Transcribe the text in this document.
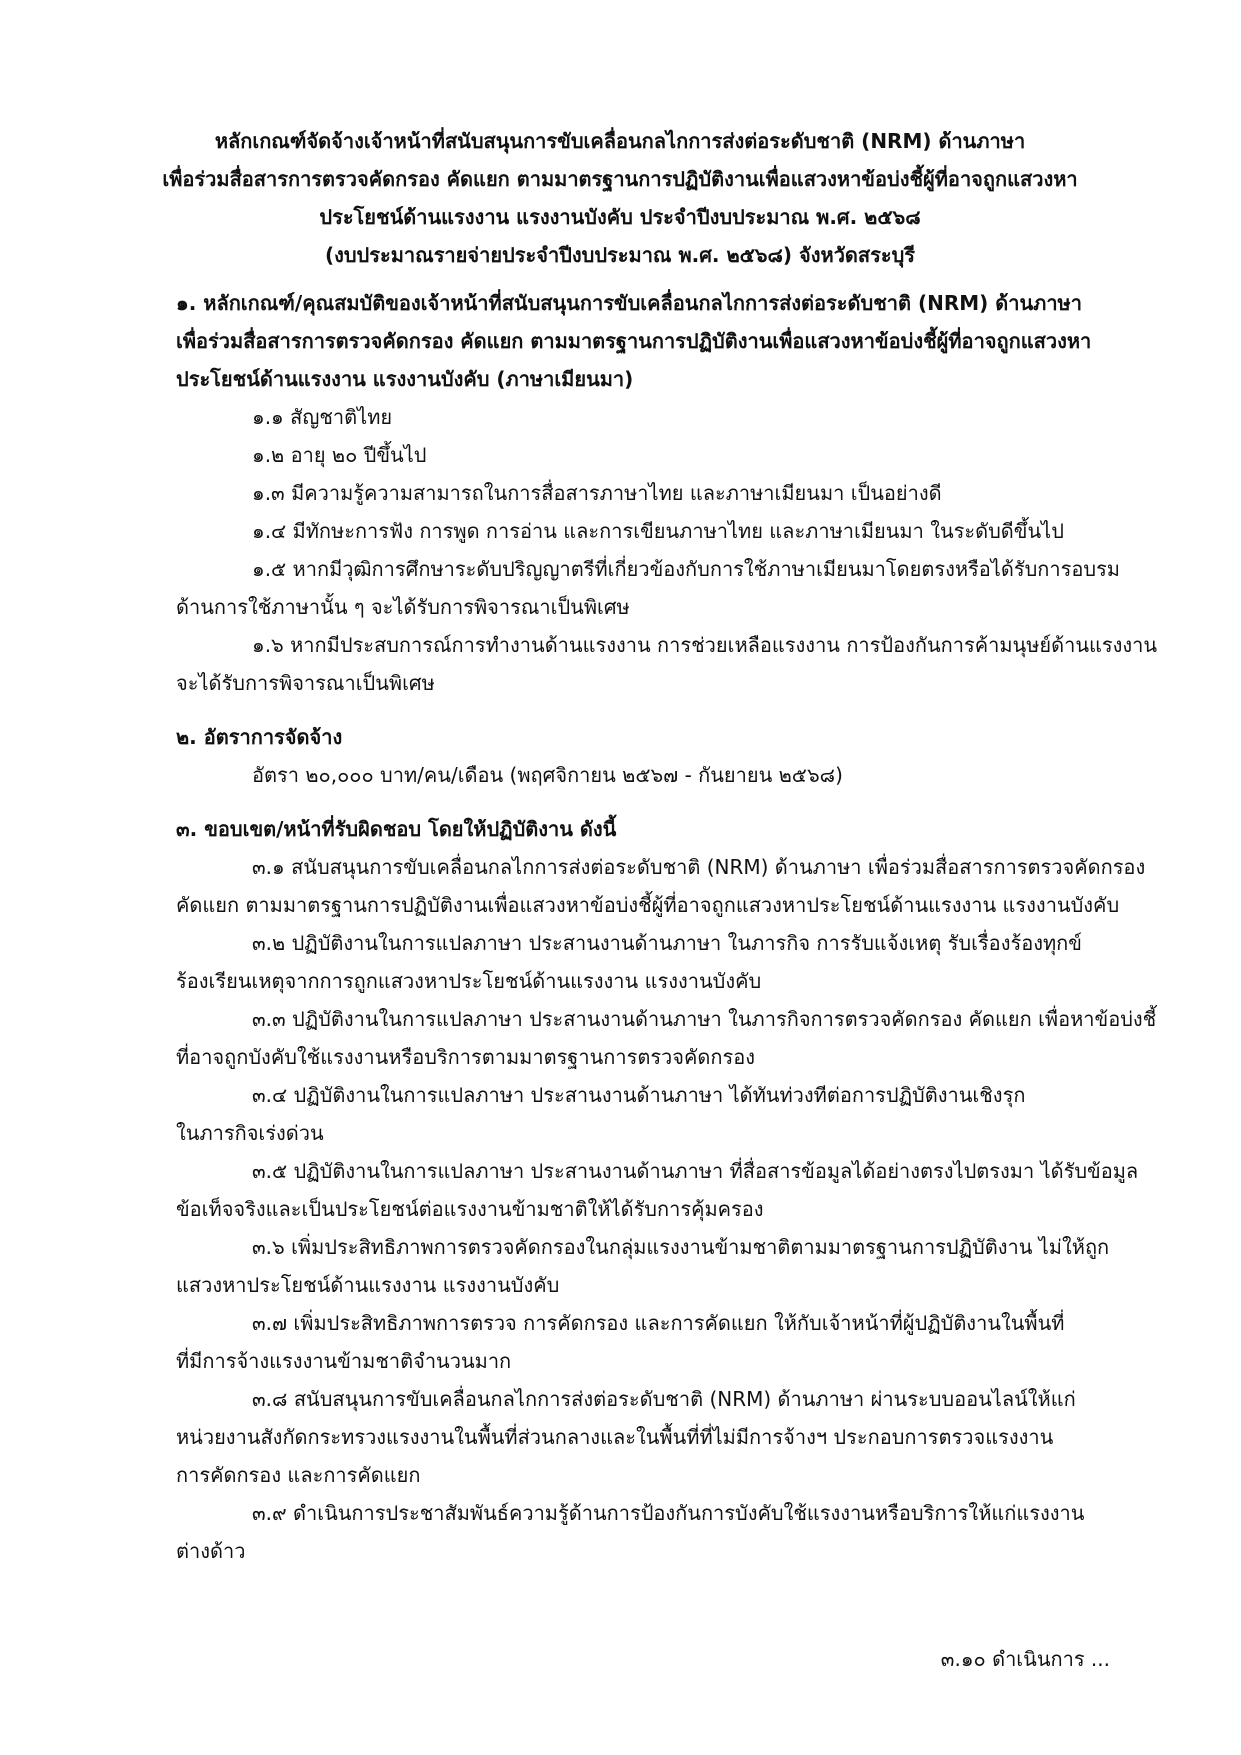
หลักเกณฑ์จัดจ้างเจ้าหน้าที่สนับสนุนการขับเคลื่อนกลไกการส่งต่อระดับชาติ (NRM) ด้านภาษา
เพื่อร่วมสื่อสารการตรวจคัดกรอง คัดแยก ตามมาตรฐานการปฏิบัติงานเพื่อแสวงหาข้อบ่งชี้ผู้ที่อาจถูกแสวงหา
ประโยชน์ด้านแรงงาน แรงงานบังคับ ประจำปีงบประมาณ พ.ศ. ๒๕๖๘
(งบประมาณรายจ่ายประจำปีงบประมาณ พ.ศ. ๒๕๖๘) จังหวัดสระบุรี

๑. หลักเกณฑ์/คุณสมบัติของเจ้าหน้าที่สนับสนุนการขับเคลื่อนกลไกการส่งต่อระดับชาติ (NRM) ด้านภาษา

เพื่อร่วมสื่อสารการตรวจคัดกรอง คัดแยก ตามมาตรฐานการปฏิบัติงานเพื่อแสวงหาข้อบ่งชี้ผู้ที่อาจถูกแสวงหา

ประโยชน์ด้านแรงงาน แรงงานบังคับ (ภาษาเมียนมา)

๑.๑ สัญชาติไทย

๑.๒ อายุ ๒๐ ปีขึ้นไป

๑.๓ มีความรู้ความสามารถในการสื่อสารภาษาไทย และภาษาเมียนมา เป็นอย่างดี

๑.๔ มีทักษะการฟัง การพูด การอ่าน และการเขียนภาษาไทย และภาษาเมียนมา ในระดับดีขึ้นไป

๑.๕ หากมีวุฒิการศึกษาระดับปริญญาตรีที่เกี่ยวข้องกับการใช้ภาษาเมียนมาโดยตรงหรือได้รับการอบรม

ด้านการใช้ภาษานั้น ๆ จะได้รับการพิจารณาเป็นพิเศษ

๑.๖ หากมีประสบการณ์การทำงานด้านแรงงาน การช่วยเหลือแรงงาน การป้องกันการค้ามนุษย์ด้านแรงงาน

จะได้รับการพิจารณาเป็นพิเศษ

๒. อัตราการจัดจ้าง

อัตรา ๒๐,๐๐๐ บาท/คน/เดือน (พฤศจิกายน ๒๕๖๗ - กันยายน ๒๕๖๘)

๓. ขอบเขต/หน้าที่รับผิดชอบ โดยให้ปฏิบัติงาน ดังนี้

๓.๑ สนับสนุนการขับเคลื่อนกลไกการส่งต่อระดับชาติ (NRM) ด้านภาษา เพื่อร่วมสื่อสารการตรวจคัดกรอง

คัดแยก ตามมาตรฐานการปฏิบัติงานเพื่อแสวงหาข้อบ่งชี้ผู้ที่อาจถูกแสวงหาประโยชน์ด้านแรงงาน แรงงานบังคับ

๓.๒ ปฏิบัติงานในการแปลภาษา ประสานงานด้านภาษา ในภารกิจ การรับแจ้งเหตุ รับเรื่องร้องทุกข์

ร้องเรียนเหตุจากการถูกแสวงหาประโยชน์ด้านแรงงาน แรงงานบังคับ

๓.๓ ปฏิบัติงานในการแปลภาษา ประสานงานด้านภาษา ในภารกิจการตรวจคัดกรอง คัดแยก เพื่อหาข้อบ่งชี้

ที่อาจถูกบังคับใช้แรงงานหรือบริการตามมาตรฐานการตรวจคัดกรอง

๓.๔ ปฏิบัติงานในการแปลภาษา ประสานงานด้านภาษา ได้ทันท่วงทีต่อการปฏิบัติงานเชิงรุก

ในภารกิจเร่งด่วน

๓.๕ ปฏิบัติงานในการแปลภาษา ประสานงานด้านภาษา ที่สื่อสารข้อมูลได้อย่างตรงไปตรงมา ได้รับข้อมูล

ข้อเท็จจริงและเป็นประโยชน์ต่อแรงงานข้ามชาติให้ได้รับการคุ้มครอง

๓.๖ เพิ่มประสิทธิภาพการตรวจคัดกรองในกลุ่มแรงงานข้ามชาติตามมาตรฐานการปฏิบัติงาน ไม่ให้ถูก

แสวงหาประโยชน์ด้านแรงงาน แรงงานบังคับ

๓.๗ เพิ่มประสิทธิภาพการตรวจ การคัดกรอง และการคัดแยก ให้กับเจ้าหน้าที่ผู้ปฏิบัติงานในพื้นที่

ที่มีการจ้างแรงงานข้ามชาติจำนวนมาก

๓.๘ สนับสนุนการขับเคลื่อนกลไกการส่งต่อระดับชาติ (NRM) ด้านภาษา ผ่านระบบออนไลน์ให้แก่

หน่วยงานสังกัดกระทรวงแรงงานในพื้นที่ส่วนกลางและในพื้นที่ที่ไม่มีการจ้างฯ ประกอบการตรวจแรงงาน

การคัดกรอง และการคัดแยก

๓.๙ ดำเนินการประชาสัมพันธ์ความรู้ด้านการป้องกันการบังคับใช้แรงงานหรือบริการให้แก่แรงงาน

ต่างด้าว

๓.๑๐ ดำเนินการ ...
